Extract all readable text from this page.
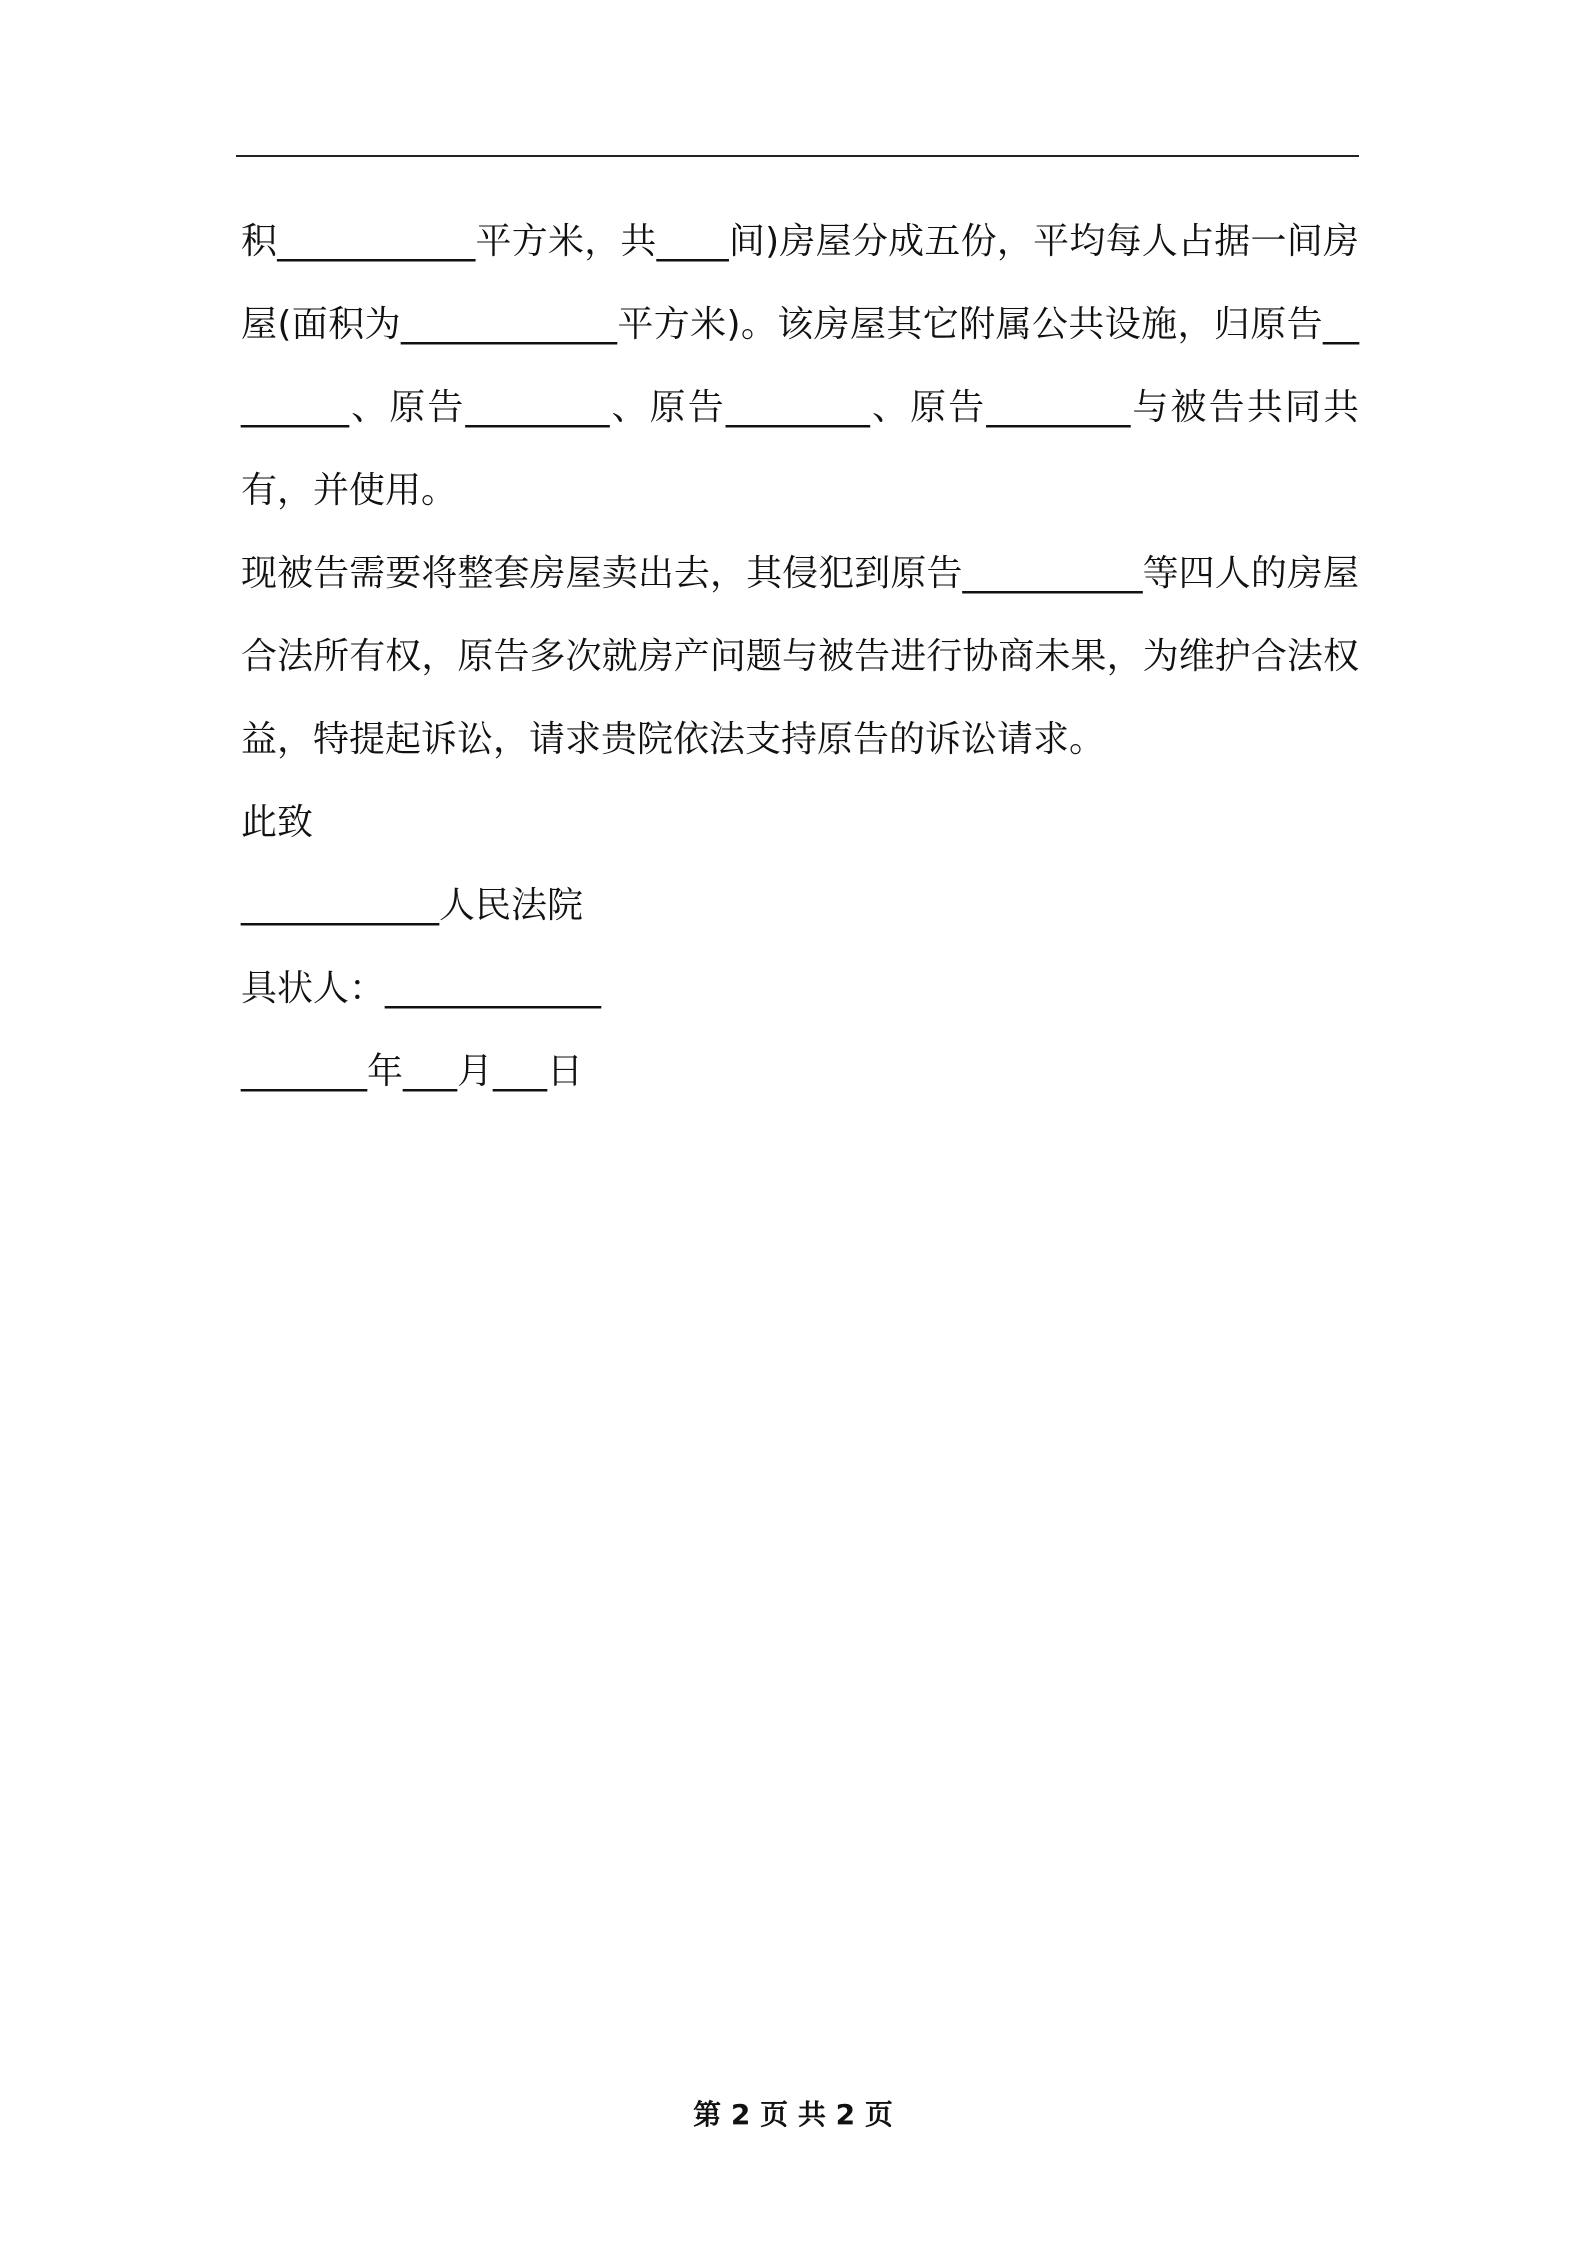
积___________平方米，共____间)房屋分成五份，平均每人占据一间房屋(面积为____________平方米)。该房屋其它附属公共设施，归原告________、原告________、原告________、原告________与被告共同共有，并使用。

现被告需要将整套房屋卖出去，其侵犯到原告__________等四人的房屋合法所有权，原告多次就房产问题与被告进行协商未果，为维护合法权益，特提起诉讼，请求贵院依法支持原告的诉讼请求。

此致

___________人民法院

具状人：____________

_______年___月___日

第 2 页 共 2 页
